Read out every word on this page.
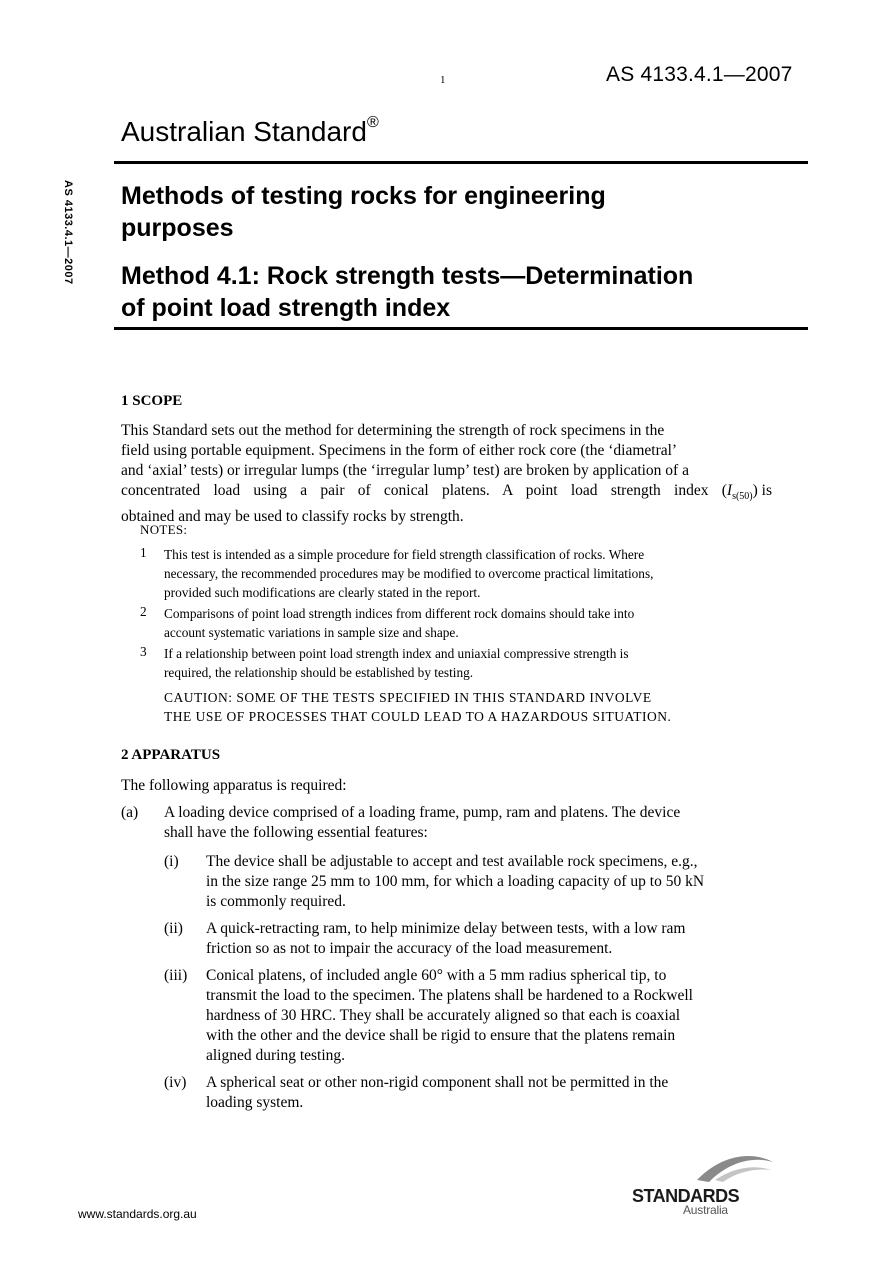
1	AS 4133.4.1—2007
Australian Standard®
AS 4133.4.1—2007 Methods of testing rocks for engineering
purposes
Method 4.1: Rock strength tests—Determination
of point load strength index
1 SCOPE
This Standard sets out the method for determining the strength of rock specimens in the
field using portable equipment. Specimens in the form of either rock core (the ‘diametral’
and ‘axial’ tests) or irregular lumps (the ‘irregular lump’ test) are broken by application of a
concentrated load using a pair of conical platens. A point load strength index ( $I_{s(50)}$) is
obtained and may be used to classify rocks by strength.
NOTES:
1 This test is intended as a simple procedure for field strength classification of rocks. Where
necessary, the recommended procedures may be modified to overcome practical limitations,
provided such modifications are clearly stated in the report.
2 Comparisons of point load strength indices from different rock domains should take into
account systematic variations in sample size and shape.
3 If a relationship between point load strength index and uniaxial compressive strength is
required, the relationship should be established by testing.
CAUTION: SOME OF THE TESTS SPECIFIED IN THIS STANDARD INVOLVE
THE USE OF PROCESSES THAT COULD LEAD TO A HAZARDOUS SITUATION.
2 APPARATUS
The following apparatus is required:
(a) A loading device comprised of a loading frame, pump, ram and platens. The device
shall have the following essential features:
(i)	The device shall be adjustable to accept and test available rock specimens, e.g.,
in the size range 25 mm to 100 mm, for which a loading capacity of up to 50 kN
is commonly required.
(ii)	A quick-retracting ram, to help minimize delay between tests, with a low ram
friction so as not to impair the accuracy of the load measurement.
(iii)	Conical platens, of included angle 60° with a 5 mm radius spherical tip, to
transmit the load to the specimen. The platens shall be hardened to a Rockwell
hardness of 30 HRC. They shall be accurately aligned so that each is coaxial
with the other and the device shall be rigid to ensure that the platens remain
aligned during testing.
(iv)	A spherical seat or other non-rigid component shall not be permitted in the
loading system.
www.standards.org.au
STANDARDS
Australia
